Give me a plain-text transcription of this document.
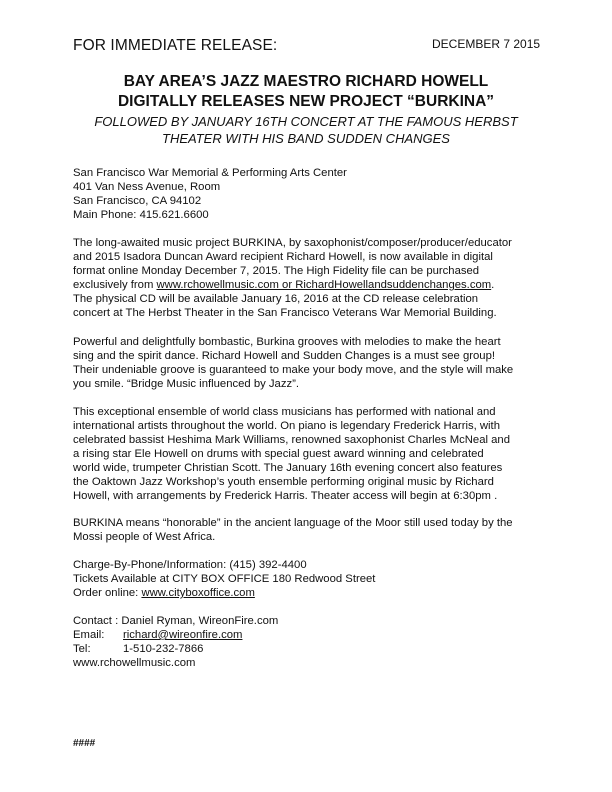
FOR IMMEDIATE RELEASE:	DECEMBER 7 2015
BAY AREA’S JAZZ MAESTRO RICHARD HOWELL
DIGITALLY RELEASES NEW PROJECT “BURKINA”
FOLLOWED BY JANUARY 16TH CONCERT AT THE FAMOUS HERBST
THEATER WITH HIS BAND SUDDEN CHANGES
San Francisco War Memorial & Performing Arts Center
401 Van Ness Avenue, Room
San Francisco, CA 94102
Main Phone: 415.621.6600
The long-awaited music project BURKINA, by saxophonist/composer/producer/educator
and 2015 Isadora Duncan Award recipient Richard Howell, is now available in digital
format online Monday December 7, 2015. The High Fidelity file can be purchased
exclusively from www.rchowellmusic.com or RichardHowellandsuddenchanges.com.
The physical CD will be available January 16, 2016 at the CD release celebration
concert at The Herbst Theater in the San Francisco Veterans War Memorial Building.
Powerful and delightfully bombastic, Burkina grooves with melodies to make the heart
sing and the spirit dance. Richard Howell and Sudden Changes is a must see group!
Their undeniable groove is guaranteed to make your body move, and the style will make
you smile. “Bridge Music influenced by Jazz”.
This exceptional ensemble of world class musicians has performed with national and
international artists throughout the world. On piano is legendary Frederick Harris, with
celebrated bassist Heshima Mark Williams, renowned saxophonist Charles McNeal and
a rising star Ele Howell on drums with special guest award winning and celebrated
world wide, trumpeter Christian Scott. The January 16th evening concert also features
the Oaktown Jazz Workshop’s youth ensemble performing original music by Richard
Howell, with arrangements by Frederick Harris. Theater access will begin at 6:30pm .
BURKINA means “honorable” in the ancient language of the Moor still used today by the
Mossi people of West Africa.
Charge-By-Phone/Information: (415) 392-4400
Tickets Available at CITY BOX OFFICE 180 Redwood Street
Order online: www.cityboxoffice.com
Contact : Daniel Ryman, WireonFire.com
Email: richard@wireonfire.com
Tel:	1-510-232-7866
www.rchowellmusic.com
####
